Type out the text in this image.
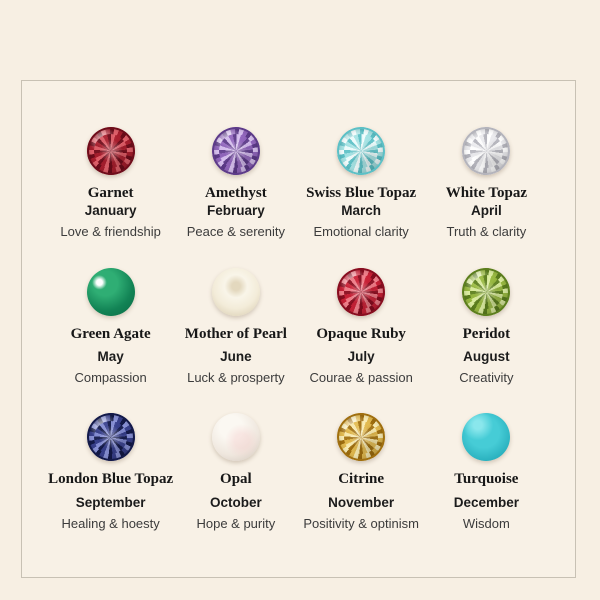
Garnet
January
Love & friendship
Amethyst
February
Peace & serenity
Swiss Blue Topaz
March
Emotional clarity
White Topaz
April
Truth & clarity
Green Agate
May
Compassion
Mother of Pearl
June
Luck & prosperty
Opaque Ruby
July
Courae & passion
Peridot
August
Creativity
London Blue Topaz
September
Healing & hoesty
Opal
October
Hope & purity
Citrine
November
Positivity & optinism
Turquoise
December
Wisdom
